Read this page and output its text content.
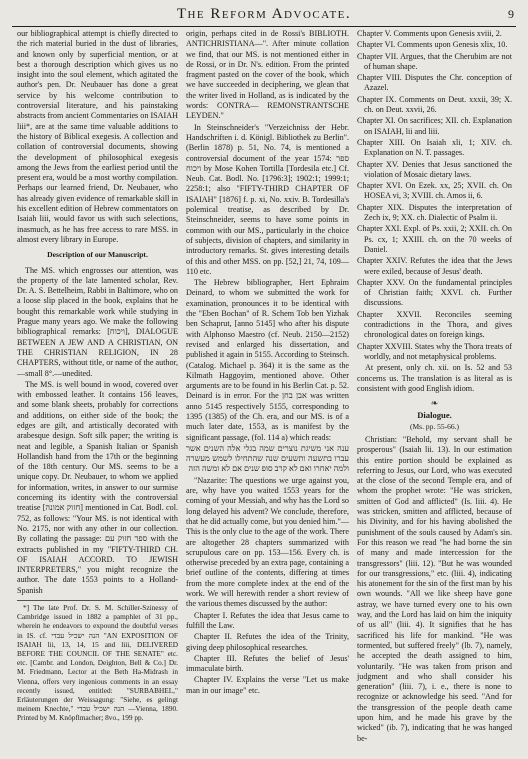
The Reform Advocate.	9

our bibliographical attempt is chiefly directed to the rich material buried in the dust of libraries, and known only by superficial mention, or at best a thorough description which gives us no insight into the soul element, which agitated the author's pen. Dr. Neubauer has done a great service by his welcome contribution to controversial literature, and his painstaking abstracts from ancient Commentaries on ISAIAH liii*, are at the same time valuable additions to the history of Biblical exegesis. A collection and collation of controversial documents, showing the development of philosophical exegesis among the Jews from the earliest period until the present era, would be a most worthy compilation. Perhaps our learned friend, Dr. Neubauer, who has already given evidence of remarkable skill in his excellent edition of Hebrew commentators on Isaiah liii, would favor us with such selections, inasmuch, as he has free access to rare MSS. in almost every library in Europe.

Description of our Manuscript.

The MS. which engrosses our attention, was the property of the late lamented scholar, Rev. Dr. A. S. Bettelheim, Rabbi in Baltimore, who on a loose slip placed in the book, explains that he bought this remarkable work while studying in Prague many years ago. We make the following bibliographical remarks: [ויכוח], DIALOGUE BETWEEN A JEW AND A CHRISTIAN, ON THE CHRISTIAN RELIGION, IN 28 CHAPTERS, without title, or name of the author,—small 8°.—unedited.

The MS. is well bound in wood, covered over with embossed leather. It contains 156 leaves, and some blank sheets, probably for corrections and additions, on either side of the book; the edges are gilt, and artistically decorated with arabesque design. Soft silk paper; the writing is neat and legible, a Spanish Italian or Spanish Hollandish hand from the 17th or the beginning of the 18th century. Our MS. seems to be a unique copy. Dr. Neubauer, to whom we applied for information, writes, in answer to our surmise concerning its identity with the controversial treatise [חזוק אמונה] mentioned in Cat. Bodl. col. 752, as follows: "Your MS. is not identical with No. 2175, nor with any other in our collection. By collating the passage: ספר חזוק עם with the extracts published in my "FIFTY-THIRD CH. OF ISAIAH ACCORD. TO JEWISH INTERPRETERS," you might recognize the author. The date 1553 points to a Holland-Spanish

*] The late Prof. Dr. S. M. Schiller-Szinessy of Cambridge issued in 1882 a pamphlet of 31 pp., wherein he endeavors to expound the doubtful verses in IS. cf. הנה ישכיל עבדי "AN EXPOSITION OF ISAIAH lii, 13, 14, 15 and liii, DELIVERED BEFORE THE COUNCIL OF THE SENATE" etc. etc. [Cambr. and London, Deighton, Bell & Co.] Dr. M. Friedmann, Lector at the Beth Ha-Midrash in Vienna, offers very ingenious comments in an essay recently issued, entitled: "SURBABHEL," Erläuterungen der Weissagung: "Siehe, es gelingt meinem Knechte," הנה ישכיל עבדי —Vienna, 1890. Printed by M. Knöpflmacher; 8vo., 199 pp.

origin, perhaps cited in de Rossi's BIBLIOTH. ANTICHRISTIANA—". After minute collation we find, that our MS. is not mentioned either in de Rossi, or in Dr. N's. edition. From the printed fragment pasted on the cover of the book, which we have succeeded in deciphering, we glean that the writer lived in Holland, as is indicated by the words: CONTRA— REMONSTRANTSCHE LEYDEN."

In Steinschneider's "Verzeichniss der Hebr. Handschriften i. d. Königl. Bibliothek zu Berlin". (Berlin 1878) p. 51, No. 74, is mentioned a controversial document of the year 1574: ספר ויכוח by Mose Kohen Tortilla [Tordesila etc.] Cf. Neub. Cat. Bodl. No. [1796:3]; 1902:1; 1999:1; 2258:1; also "FIFTY-THIRD CHAPTER OF ISAIAH" [1876] f. p. xi, No. xxiv. B. Tordesilla's polemical treatise, as described by Dr. Steinschneider, seems to have some points in common with our MS., particularly in the choice of subjects, division of chapters, and similarity in introductory remarks. St. gives interesting details of this and other MSS. on pp. [52,] 21, 74, 109—110 etc.

The Hebrew bibliographer, Hert Ephraim Deinard, to whom we submitted the work for examination, pronounces it to be identical with the "Eben Bochan" of R. Schem Tob ben Yizhak ben Schaprut, [anno 5145] who after his dispute with Alphonso Maestro (cf. Neub. 2150—2152) revised and enlarged his dissertation, and published it again in 5155. According to Steinsch. (Catalog. Michael p. 364) it is the same as the Kilmath Haggoyim, mentioned above. Other arguments are to be found in his Berlin Cat. p. 52. Deinard is in error. For the אבן בחן was written anno 5145 respectively 5155, corresponding to 1395 (1385) of the Ch. era, and our MS. is of a much later date, 1553, as is manifest by the significant passage, (fol. 114 a) which reads:

ענה אני משיגת נוצרים שמה בגלי אלה השנים אשר עברו בתשעה ותשעים שנה שהתחילו לשמש מעשרה ולמה יאחרו ואם לא קרב סופ שנים אם לא ומשה הזה

"Nazarite: The questions we urge against you, are, why have you waited 1553 years for the coming of your Messiah, and why has the Lord so long delayed his advent? We conclude, therefore, that he did actually come, but you denied him."—This is the only clue to the age of the work. There are altogether 28 chapters summarized with scrupulous care on pp. 153—156. Every ch. is otherwise preceded by an extra page, containing a brief outline of the contents, differing at times from the more complete index at the end of the work. We will herewith render a short review of the various themes discussed by the author:

Chapter I. Refutes the idea that Jesus came to fulfill the Law.

Chapter II. Refutes the idea of the Trinity, giving deep philosophical researches.

Chapter III. Refutes the belief of Jesus' immaculate birth.

Chapter IV. Explains the verse "Let us make man in our image" etc.

Chapter V. Comments upon Genesis xviii, 2.

Chapter VI. Comments upon Genesis xlix, 10.

Chapter VII. Argues, that the Cherubim are not of human shape.

Chapter VIII. Disputes the Chr. conception of Azazel.

Chapter IX. Comments on Deut. xxxii, 39; X. ch. on Deut. xxvii, 26.

Chapter XI. On sacrifices; XII. ch. Explanation on ISAIAH, lii and liii.

Chapter XIII. On Isaiah xli, 1; XIV. ch. Explanation on N. T. passages.

Chapter XV. Denies that Jesus sanctioned the violation of Mosaic dietary laws.

Chapter XVI. On Ezek. xx, 25; XVII. ch. On HOSEA vi, 3; XVIII. ch. Amos ii, 6.

Chapter XIX. Disputes the interpretation of Zech ix, 9; XX. ch. Dialectic of Psalm ii.

Chapter XXI. Expl. of Ps. xxii, 2; XXII. ch. On Ps. cx, 1; XXIII. ch. on the 70 weeks of Daniel.

Chapter XXIV. Refutes the idea that the Jews were exiled, because of Jesus' death.

Chapter XXV. On the fundamental principles of Christian faith; XXVI. ch. Further discussions.

Chapter XXVII. Reconciles seeming contradictions in the Thora, and gives chronological dates on foreign kings.

Chapter XXVIII. States why the Thora treats of worldly, and not metaphysical problems.

At present, only ch. xii. on Is. 52 and 53 concerns us. The translation is as literal as is consistent with good English idiom.

❧
Dialogue.
(Ms. pp. 55-66.)

Christian: "Behold, my servant shall be prosperous" (Isaiah lii. 13). In our estimation this entire portion should be explained as referring to Jesus, our Lord, who was executed at the close of the second Temple era, and of whom the prophet wrote: "He was stricken, smitten of God and afflicted" (Is. liii. 4). He was stricken, smitten and afflicted, because of his Divinity, and for his having abolished the punishment of the souls caused by Adam's sin. For this reason we read "he had borne the sin of many and made intercession for the transgressors" (liii. 12). "But he was wounded for our transgressions," etc. (liii. 4), indicating his atonement for the sin of the first man by his own wounds. "All we like sheep have gone astray, we have turned every one to his own way, and the Lord has laid on him the iniquity of us all" (liii. 4). It signifies that he has sacrificed his life for mankind. "He was tormented, but suffered freely" (lb. 7), namely, he accepted the death assigned to him, voluntarily. "He was taken from prison and judgment and who shall consider his generation" (liii. 7), i. e., there is none to recognize or acknowledge his seed. "And for the transgression of the people death came upon him, and he made his grave by the wicked" (ib. 7), indicating that he was hanged be-
